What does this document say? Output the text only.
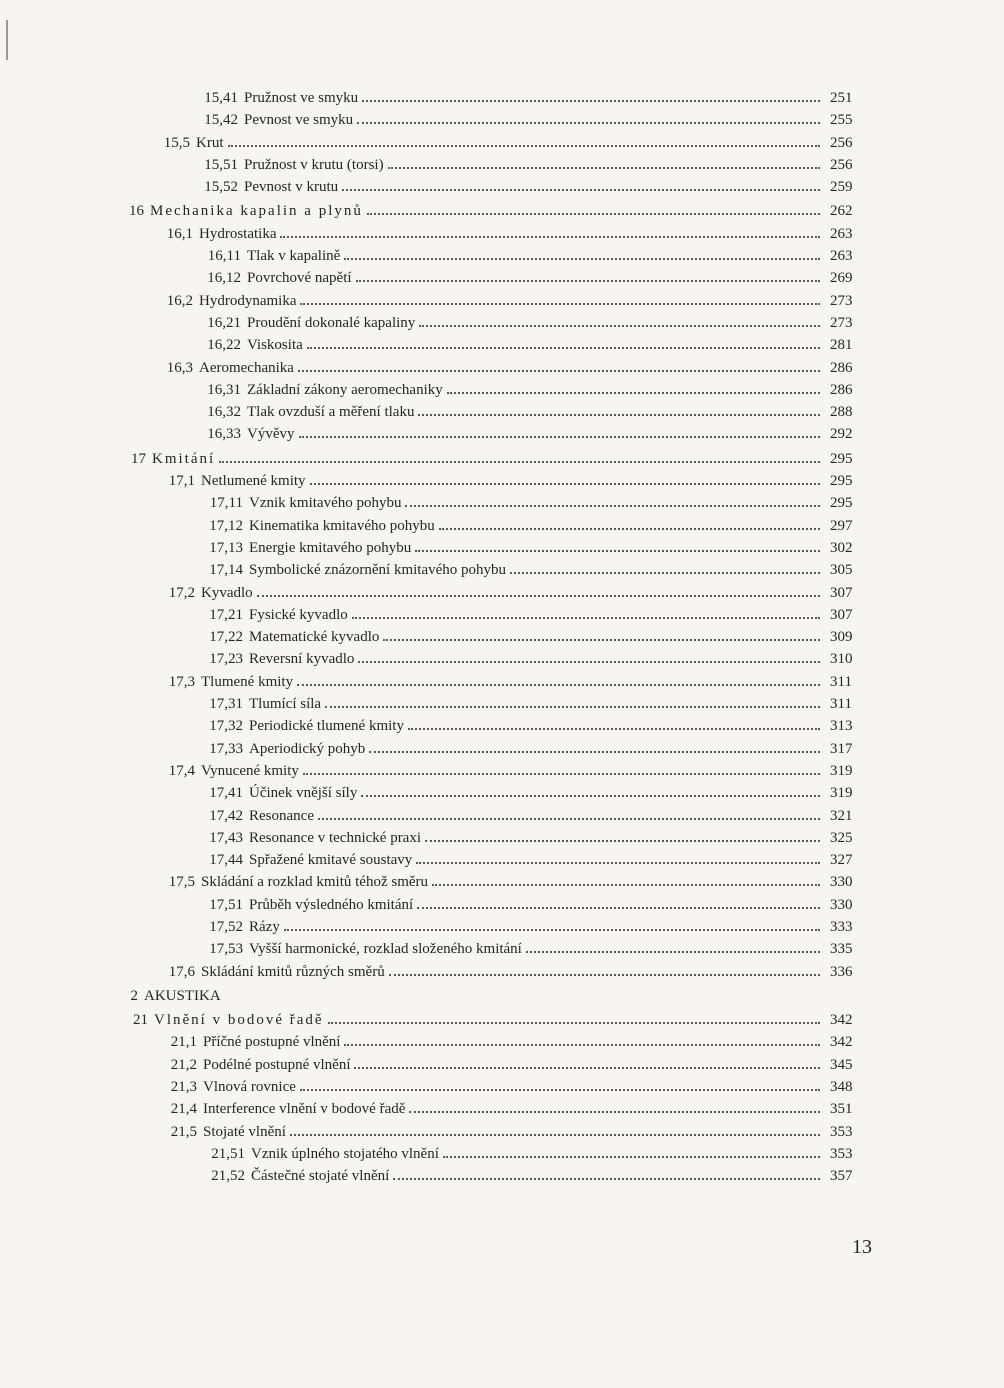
15,41 Pružnost ve smyku	251
15,42 Pevnost ve smyku	255
15,5 Krut	256
15,51 Pružnost v krutu (torsi)	256
15,52 Pevnost v krutu	259
16 Mechanika kapalin a plynů	262
16,1 Hydrostatika	263
16,11 Tlak v kapalině	263
16,12 Povrchové napětí	269
16,2 Hydrodynamika	273
16,21 Proudění dokonalé kapaliny	273
16,22 Viskosita	281
16,3 Aeromechanika	286
16,31 Základní zákony aeromechaniky	286
16,32 Tlak ovzduší a měření tlaku	288
16,33 Vývěvy	292
17 Kmitání	295
17,1 Netlumené kmity	295
17,11 Vznik kmitavého pohybu	295
17,12 Kinematika kmitavého pohybu	297
17,13 Energie kmitavého pohybu	302
17,14 Symbolické znázornění kmitavého pohybu	305
17,2 Kyvadlo	307
17,21 Fysické kyvadlo	307
17,22 Matematické kyvadlo	309
17,23 Reversní kyvadlo	310
17,3 Tlumené kmity	311
17,31 Tlumící síla	311
17,32 Periodické tlumené kmity	313
17,33 Aperiodický pohyb	317
17,4 Vynucené kmity	319
17,41 Účinek vnější síly	319
17,42 Resonance	321
17,43 Resonance v technické praxi	325
17,44 Spřažené kmitavé soustavy	327
17,5 Skládání a rozklad kmitů téhož směru	330
17,51 Průběh výsledného kmitání	330
17,52 Rázy	333
17,53 Vyšší harmonické, rozklad složeného kmitání	335
17,6 Skládání kmitů různých směrů	336
2 AKUSTIKA
21 Vlnění v bodové řadě	342
21,1 Příčné postupné vlnění	342
21,2 Podélné postupné vlnění	345
21,3 Vlnová rovnice	348
21,4 Interference vlnění v bodové řadě	351
21,5 Stojaté vlnění	353
21,51 Vznik úplného stojatého vlnění	353
21,52 Částečné stojaté vlnění	357
13
